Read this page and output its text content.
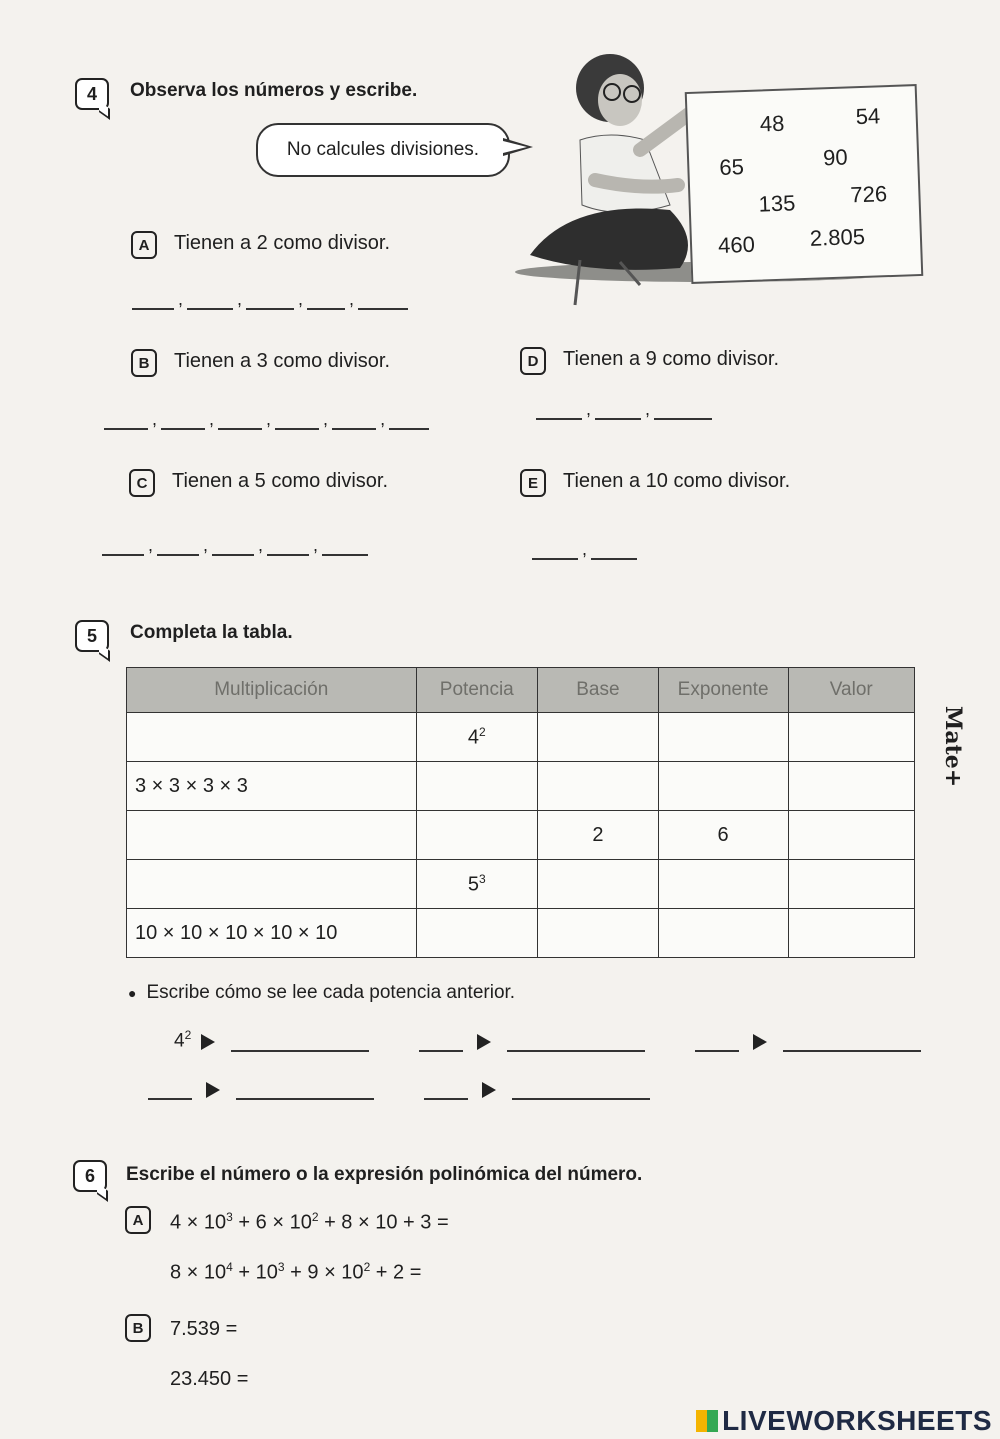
4 Observa los números y escribe.
No calcules divisiones.
48	54
65	90
135 726
460 2.805
A Tienen a 2 como divisor.
,	,	,	,
B Tienen a 3 como divisor.
,	,	,	,	,
C Tienen a 5 como divisor.
,	,	,	,
D Tienen a 9 como divisor.
,	,
E Tienen a 10 como divisor.
,
5 Completa la tabla.
Multiplicación	Potencia	Base	Exponente	Valor
	$4^2$			
3 × 3 × 3 × 3				
		2	6	
	$5^3$			
10 × 10 × 10 × 10 × 10				
Mate+
● Escribe cómo se lee cada potencia anterior.
$4^2$
6 Escribe el número o la expresión polinómica del número.
A $4 \times 10^3 + 6 \times 10^2 + 8 \times 10 + 3$ =
$8 \times 10^4 + 10^3 + 9 \times 10^2 + 2$ =
B 7.539 =
23.450 =
LIVEWORKSHEETS
